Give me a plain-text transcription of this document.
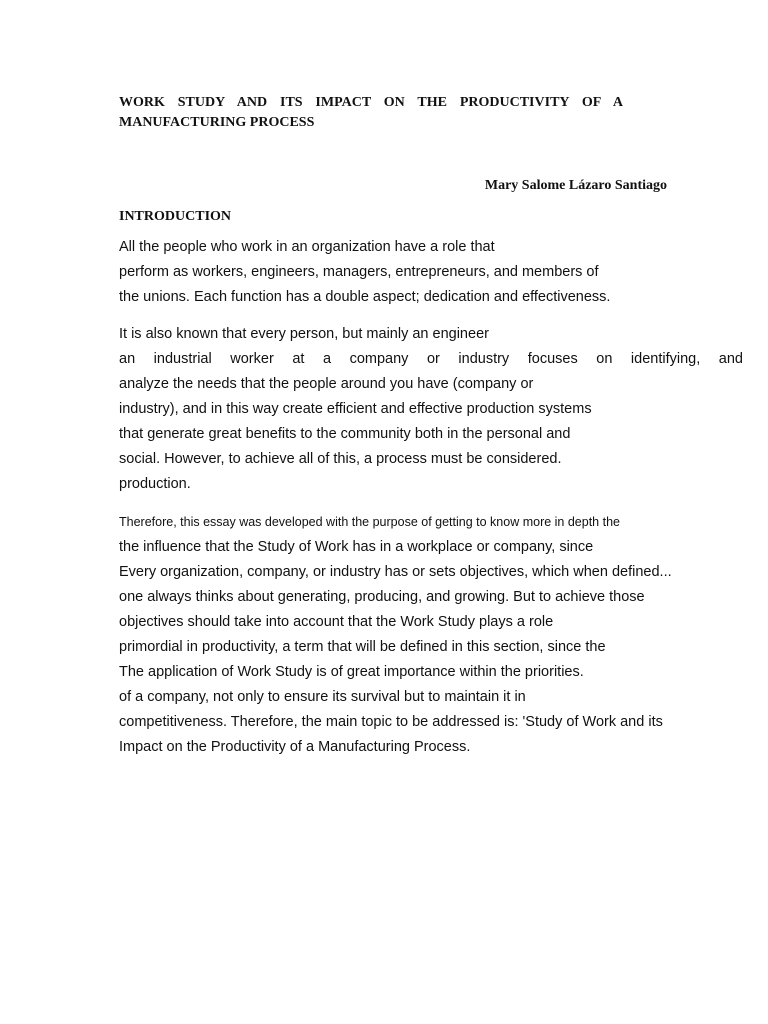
WORK STUDY AND ITS IMPACT ON THE PRODUCTIVITY OF A
MANUFACTURING PROCESS
Mary Salome Lázaro Santiago
INTRODUCTION

All the people who work in an organization have a role that
perform as workers, engineers, managers, entrepreneurs, and members of
the unions. Each function has a double aspect; dedication and effectiveness.

It is also known that every person, but mainly an engineer
an industrial worker at a company or industry focuses on identifying, and
analyze the needs that the people around you have (company or
industry), and in this way create efficient and effective production systems
that generate great benefits to the community both in the personal and
social. However, to achieve all of this, a process must be considered.
production.

Therefore, this essay was developed with the purpose of getting to know more in depth the
the influence that the Study of Work has in a workplace or company, since
Every organization, company, or industry has or sets objectives, which when defined...
one always thinks about generating, producing, and growing. But to achieve those
objectives should take into account that the Work Study plays a role
primordial in productivity, a term that will be defined in this section, since the
The application of Work Study is of great importance within the priorities.
of a company, not only to ensure its survival but to maintain it in
competitiveness. Therefore, the main topic to be addressed is: 'Study of Work and its
Impact on the Productivity of a Manufacturing Process.
